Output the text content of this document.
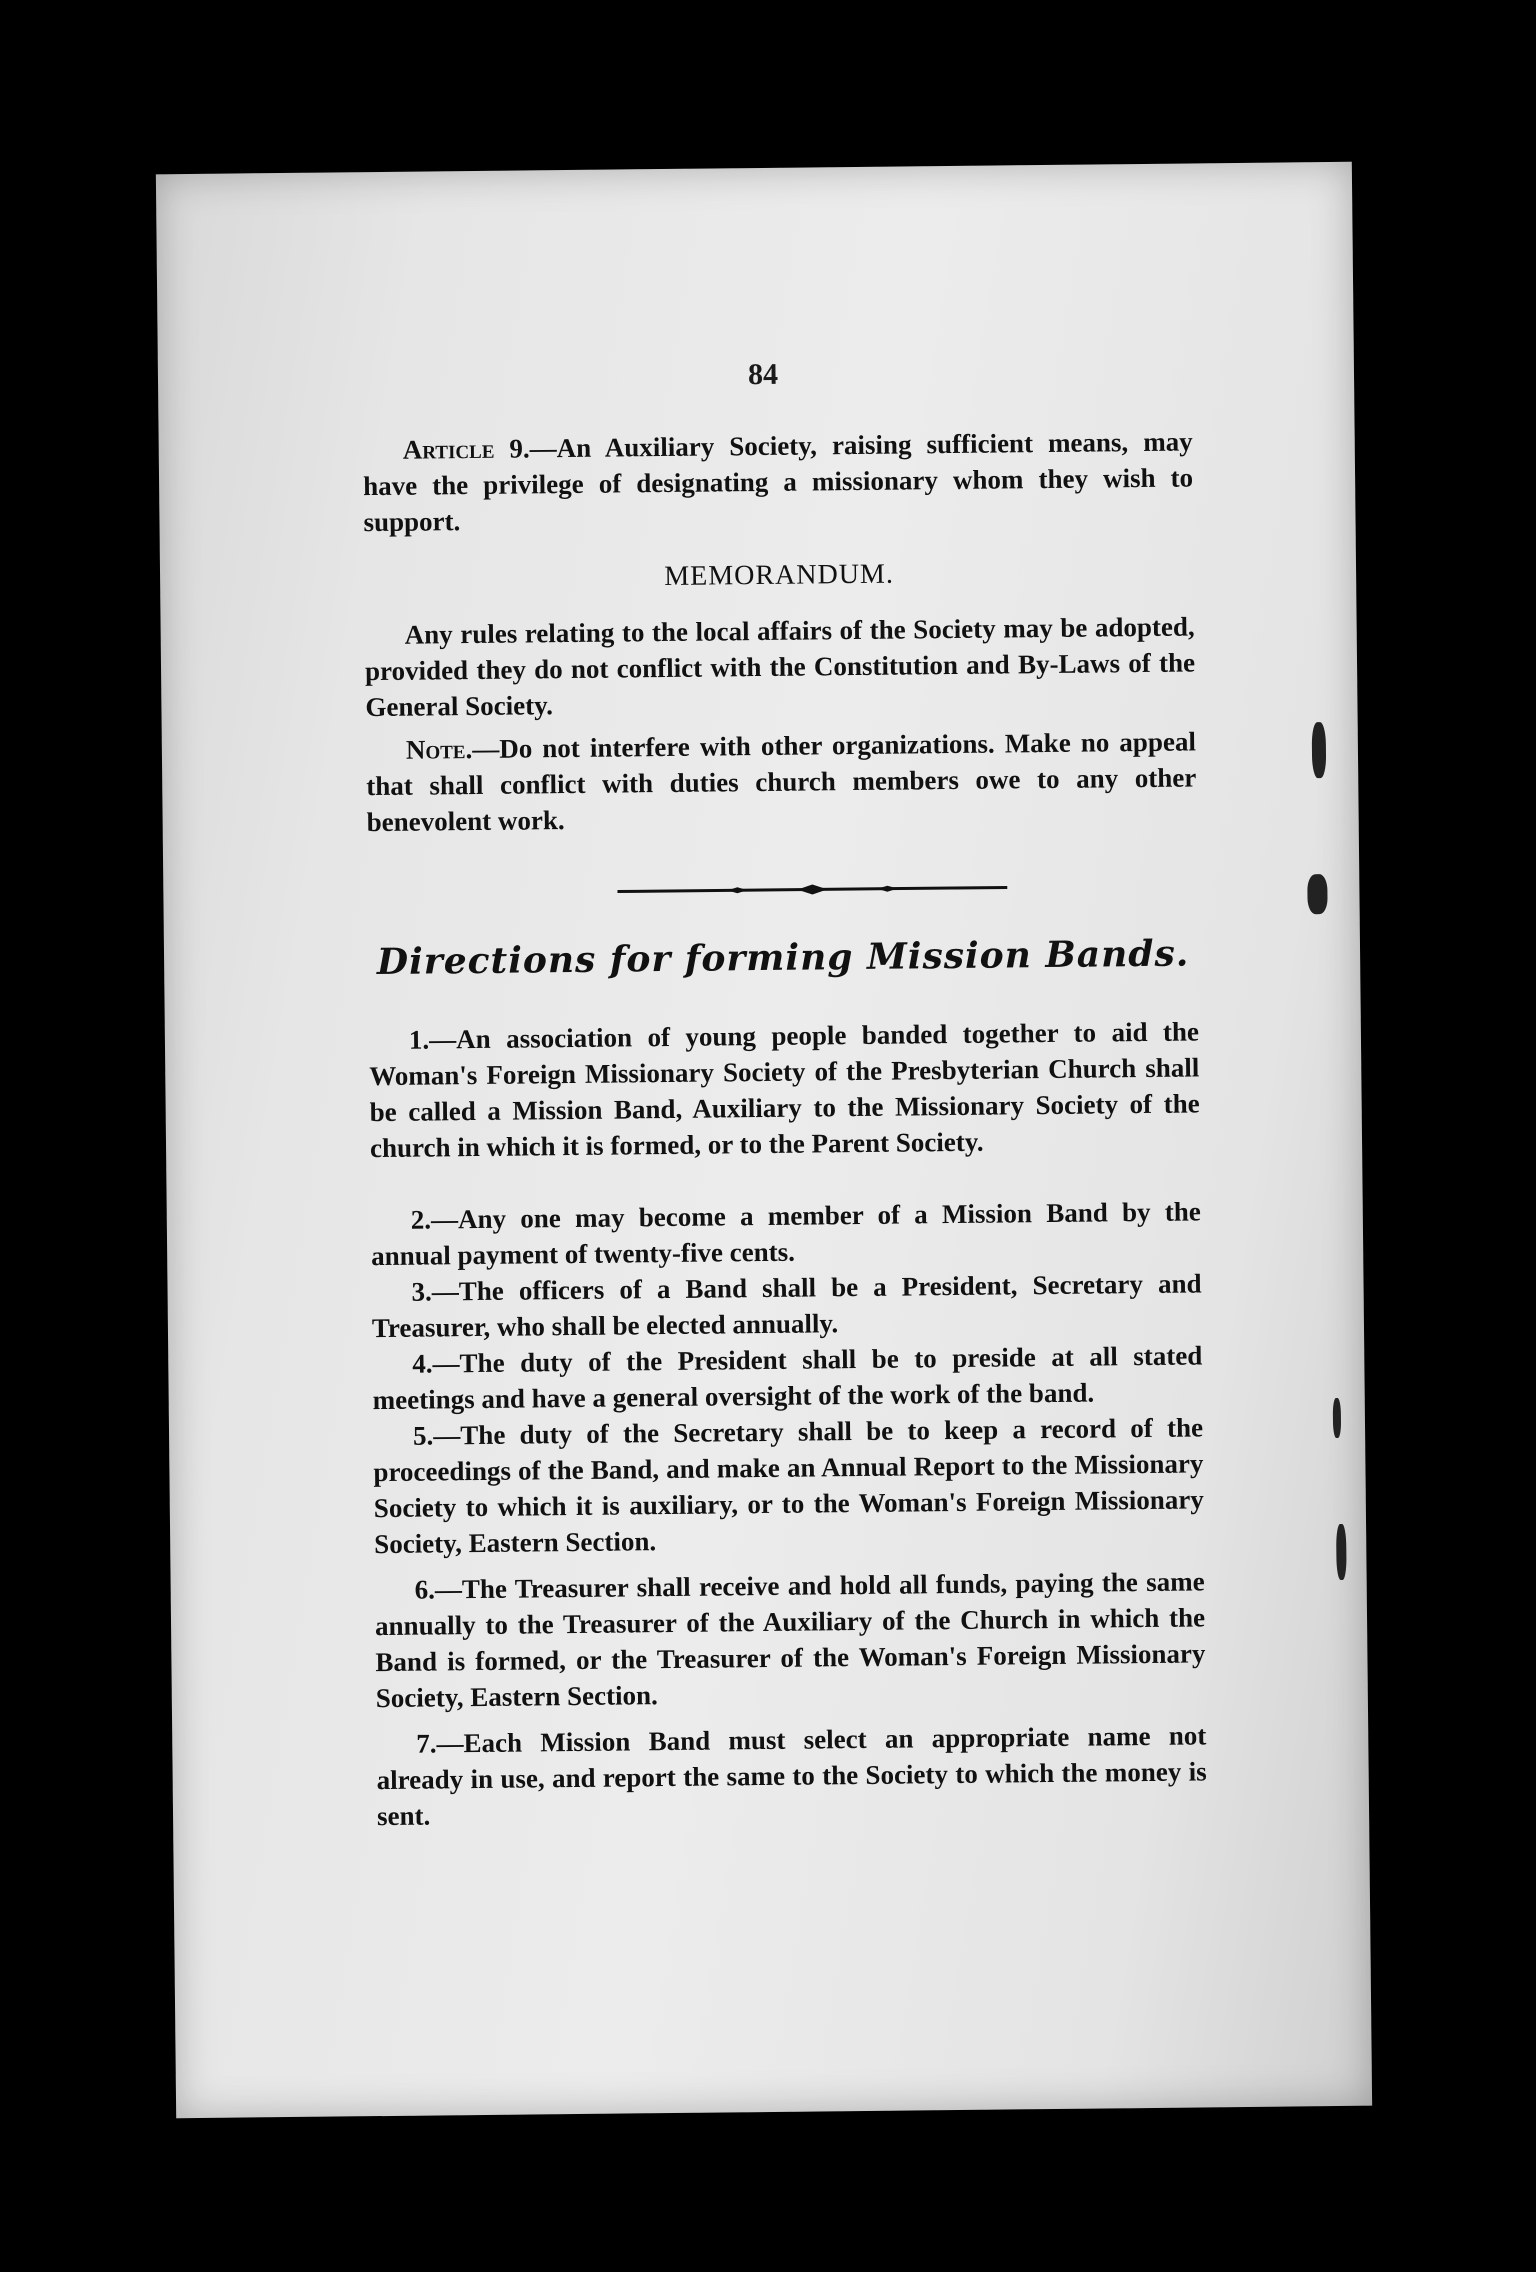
84

Article 9.—An Auxiliary Society, raising sufficient means, may have the privilege of designating a missionary whom they wish to support.

MEMORANDUM.

Any rules relating to the local affairs of the Society may be adopted, provided they do not conflict with the Constitution and By-Laws of the General Society.

Note.—Do not interfere with other organizations. Make no appeal that shall conflict with duties church members owe to any other benevolent work.

Directions for forming Mission Bands.

1.—An association of young people banded together to aid the Woman's Foreign Missionary Society of the Presbyterian Church shall be called a Mission Band, Auxiliary to the Missionary Society of the church in which it is formed, or to the Parent Society.

2.—Any one may become a member of a Mission Band by the annual payment of twenty-five cents.

3.—The officers of a Band shall be a President, Secretary and Treasurer, who shall be elected annually.

4.—The duty of the President shall be to preside at all stated meetings and have a general oversight of the work of the band.

5.—The duty of the Secretary shall be to keep a record of the proceedings of the Band, and make an Annual Report to the Missionary Society to which it is auxiliary, or to the Woman's Foreign Missionary Society, Eastern Section.

6.—The Treasurer shall receive and hold all funds, paying the same annually to the Treasurer of the Auxiliary of the Church in which the Band is formed, or the Treasurer of the Woman's Foreign Missionary Society, Eastern Section.

7.—Each Mission Band must select an appropriate name not already in use, and report the same to the Society to which the money is sent.
